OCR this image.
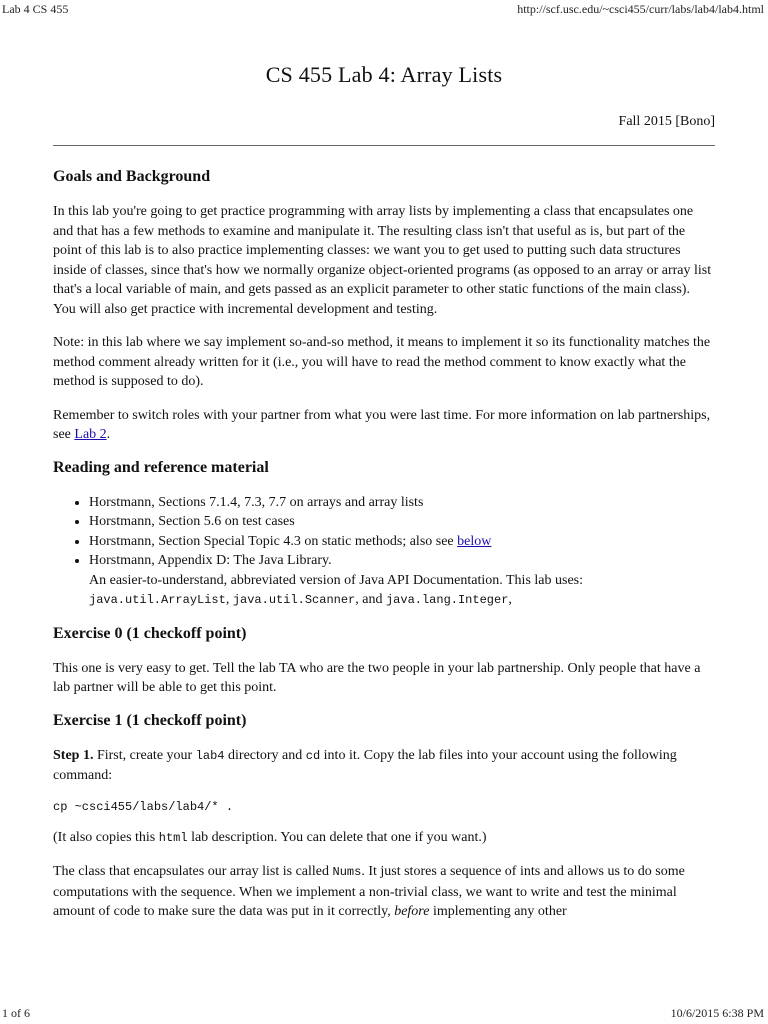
Lab 4 CS 455	http://scf.usc.edu/~csci455/curr/labs/lab4/lab4.html
CS 455 Lab 4: Array Lists
Fall 2015 [Bono]
Goals and Background

In this lab you're going to get practice programming with array lists by implementing a class that encapsulates one and that has a few methods to examine and manipulate it. The resulting class isn't that useful as is, but part of the point of this lab is to also practice implementing classes: we want you to get used to putting such data structures inside of classes, since that's how we normally organize object-oriented programs (as opposed to an array or array list that's a local variable of main, and gets passed as an explicit parameter to other static functions of the main class). You will also get practice with incremental development and testing.

Note: in this lab where we say implement so-and-so method, it means to implement it so its functionality matches the method comment already written for it (i.e., you will have to read the method comment to know exactly what the method is supposed to do).

Remember to switch roles with your partner from what you were last time. For more information on lab partnerships, see Lab 2.

Reading and reference material
• Horstmann, Sections 7.1.4, 7.3, 7.7 on arrays and array lists
• Horstmann, Section 5.6 on test cases
• Horstmann, Section Special Topic 4.3 on static methods; also see below
• Horstmann, Appendix D: The Java Library.
An easier-to-understand, abbreviated version of Java API Documentation. This lab uses:
java.util.ArrayList, java.util.Scanner, and java.lang.Integer,
Exercise 0 (1 checkoff point)

This one is very easy to get. Tell the lab TA who are the two people in your lab partnership. Only people that have a lab partner will be able to get this point.

Exercise 1 (1 checkoff point)

Step 1. First, create your lab4 directory and cd into it. Copy the lab files into your account using the following command:

cp ~csci455/labs/lab4/* .

(It also copies this html lab description. You can delete that one if you want.)

The class that encapsulates our array list is called Nums. It just stores a sequence of ints and allows us to do some computations with the sequence. When we implement a non-trivial class, we want to write and test the minimal amount of code to make sure the data was put in it correctly, before implementing any other

1 of 6	10/6/2015 6:38 PM
